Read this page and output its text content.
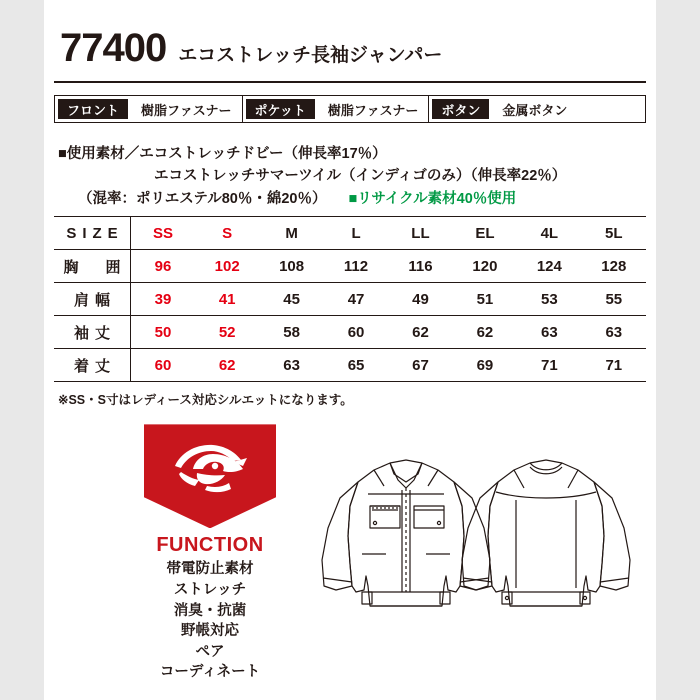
77400 エコストレッチ長袖ジャンパー
フロント	樹脂ファスナー	ポケット	樹脂ファスナー	ボタン	金属ボタン
■使用素材／エコストレッチドビー（伸長率17％）
エコストレッチサマーツイル（インディゴのみ）（伸長率22％）
（混率：ポリエステル80％・綿20％） ■リサイクル素材40％使用
SIZE	SS	S	M	L	LL	EL	4L	5L
胸　囲	96	102	108	112	116	120	124	128
肩幅	39	41	45	47	49	51	53	55
袖丈	50	52	58	60	62	62	63	63
着丈	60	62	63	65	67	69	71	71
※SS・S寸はレディース対応シルエットになります。
FUNCTION
帯電防止素材
ストレッチ
消臭・抗菌
野帳対応
ペア
コーディネート
